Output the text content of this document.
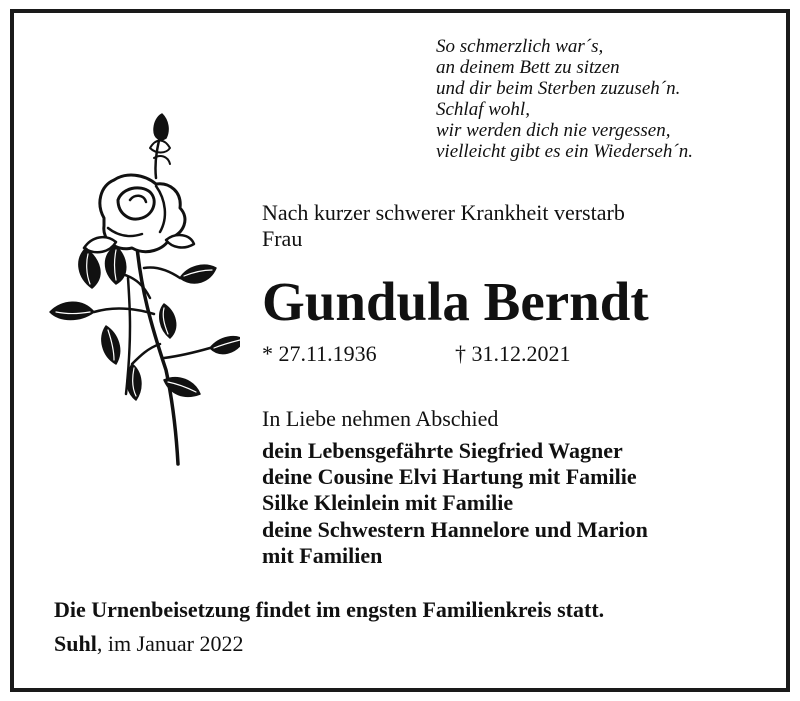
So schmerzlich war´s,
an deinem Bett zu sitzen
und dir beim Sterben zuzuseh´n.
Schlaf wohl,
wir werden dich nie vergessen,
vielleicht gibt es ein Wiederseh´n.
Nach kurzer schwerer Krankheit verstarb
Frau
Gundula Berndt
* 27.11.1936	† 31.12.2021
In Liebe nehmen Abschied
dein Lebensgefährte Siegfried Wagner
deine Cousine Elvi Hartung mit Familie
Silke Kleinlein mit Familie
deine Schwestern Hannelore und Marion
mit Familien
Die Urnenbeisetzung findet im engsten Familienkreis statt.
Suhl, im Januar 2022
